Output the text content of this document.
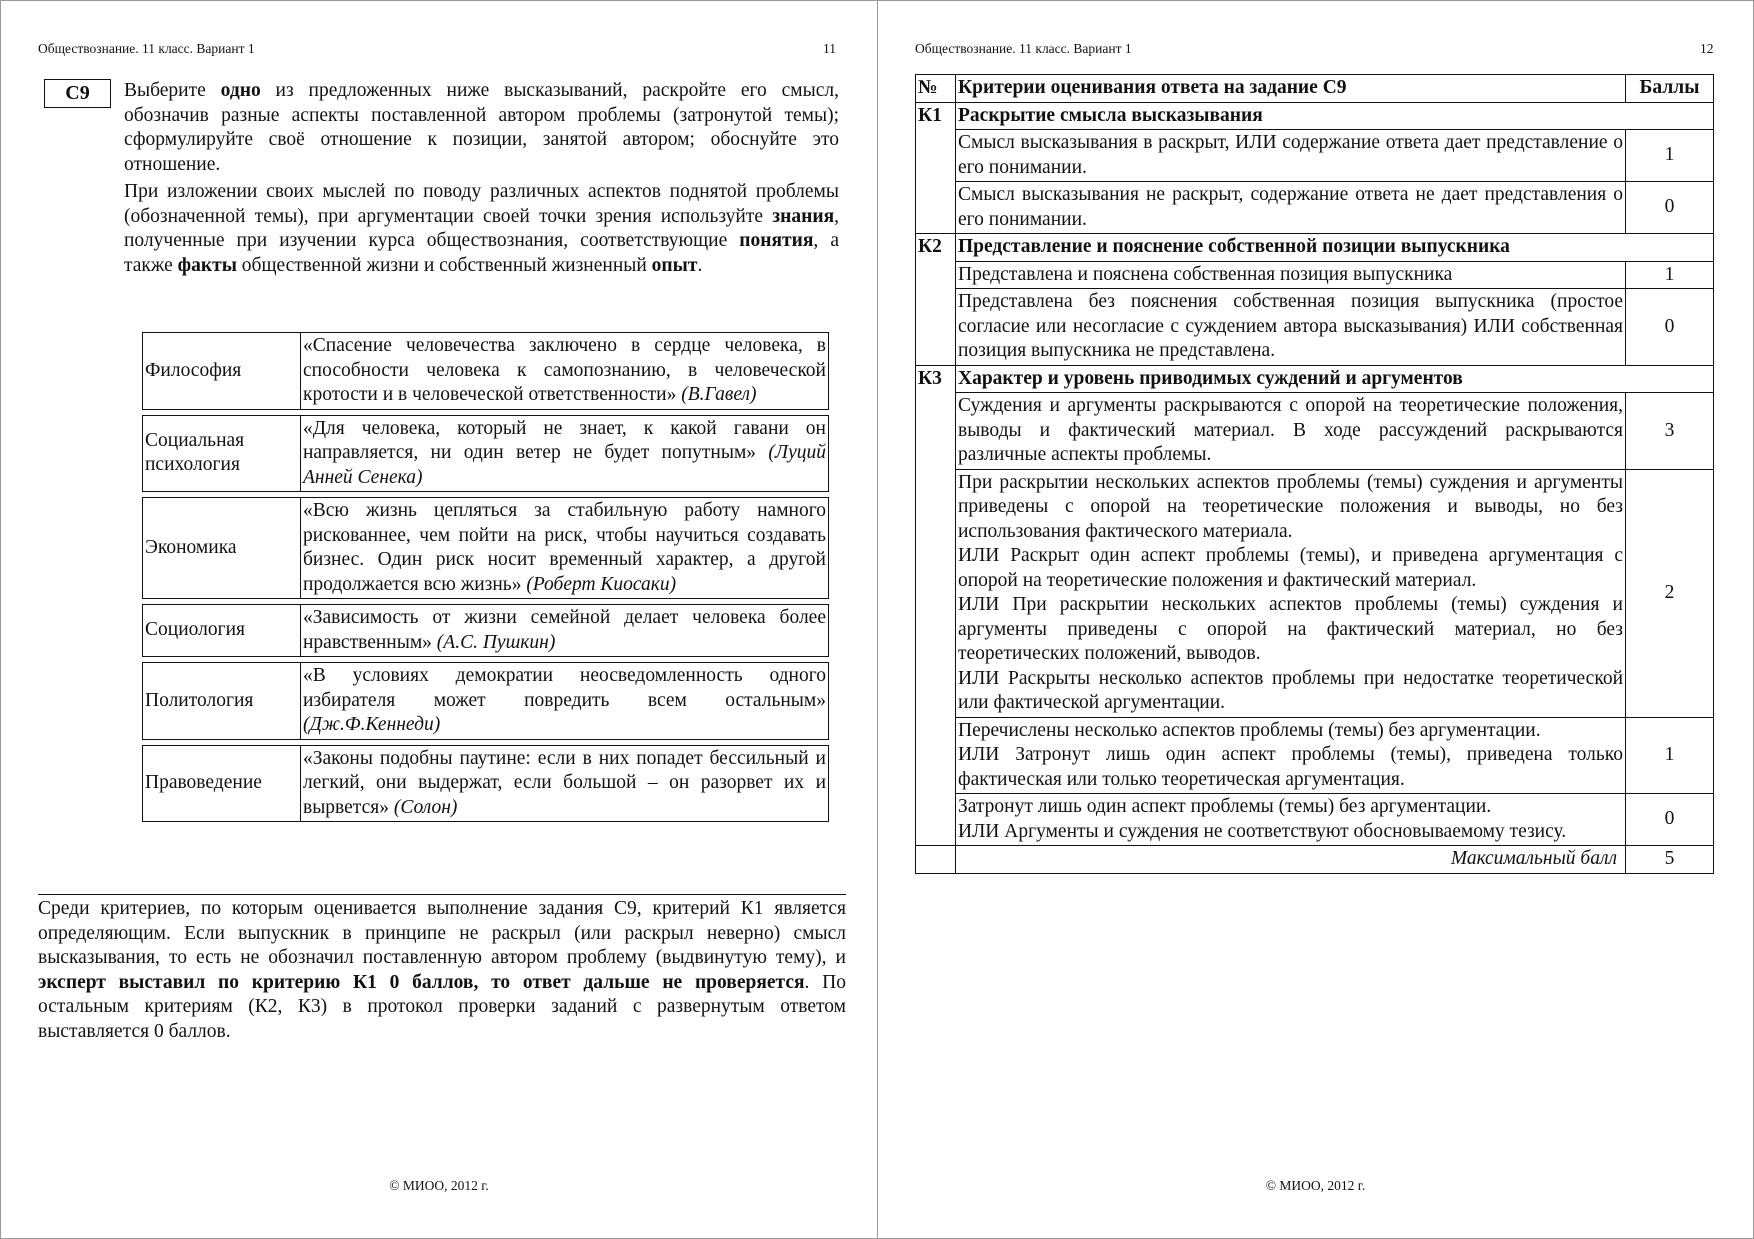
Обществознание. 11 класс. Вариант 1	11
С9	Выберите одно из предложенных ниже высказываний, раскройте его смысл, обозначив разные аспекты поставленной автором проблемы (затронутой темы); сформулируйте своё отношение к позиции, занятой автором; обоснуйте это отношение.

При изложении своих мыслей по поводу различных аспектов поднятой проблемы (обозначенной темы), при аргументации своей точки зрения используйте знания, полученные при изучении курса обществознания, соответствующие понятия, а также факты общественной жизни и собственный жизненный опыт.

Философия	«Спасение человечества заключено в сердце человека, в способности человека к самопознанию, в человеческой кротости и в человеческой ответственности» (В.Гавел)

Социальная психология	«Для человека, который не знает, к какой гавани он направляется, ни один ветер не будет попутным» (Луций Анней Сенека)

Экономика	«Всю жизнь цепляться за стабильную работу намного рискованнее, чем пойти на риск, чтобы научиться создавать бизнес. Один риск носит временный характер, а другой продолжается всю жизнь» (Роберт Киосаки)

Социология	«Зависимость от жизни семейной делает человека более нравственным» (А.С. Пушкин)

Политология	«В условиях демократии неосведомленность одного избирателя может повредить всем остальным» (Дж.Ф.Кеннеди)

Правоведение	«Законы подобны паутине: если в них попадет бессильный и легкий, они выдержат, если большой – он разорвет их и вырвется» (Солон)
Среди критериев, по которым оценивается выполнение задания С9, критерий К1 является определяющим. Если выпускник в принципе не раскрыл (или раскрыл неверно) смысл высказывания, то есть не обозначил поставленную автором проблему (выдвинутую тему), и эксперт выставил по критерию К1 0 баллов, то ответ дальше не проверяется. По остальным критериям (К2, К3) в протокол проверки заданий с развернутым ответом выставляется 0 баллов.
© МИОО, 2012 г.
Обществознание. 11 класс. Вариант 1	12
© МИОО, 2012 г.
№	Критерии оценивания ответа на задание С9	Баллы
К1	Раскрытие смысла высказывания	
	Смысл высказывания в раскрыт, ИЛИ содержание ответа дает представление о его понимании.	1
	Смысл высказывания не раскрыт, содержание ответа не дает представления о его понимании.	0
К2	Представление и пояснение собственной позиции выпускника	
	Представлена и пояснена собственная позиция выпускника	1
	Представлена без пояснения собственная позиция выпускника (простое согласие или несогласие с суждением автора высказывания) ИЛИ собственная позиция выпускника не представлена.	0
К3	Характер и уровень приводимых суждений и аргументов	
	Суждения и аргументы раскрываются с опорой на теоретические положения, выводы и фактический материал. В ходе рассуждений раскрываются различные аспекты проблемы.	3
	При раскрытии нескольких аспектов проблемы (темы) суждения и аргументы приведены с опорой на теоретические положения и выводы, но без использования фактического материала.
ИЛИ Раскрыт один аспект проблемы (темы), и приведена аргументация с опорой на теоретические положения и фактический материал.
ИЛИ При раскрытии нескольких аспектов проблемы (темы) суждения и аргументы приведены с опорой на фактический материал, но без теоретических положений, выводов.
ИЛИ Раскрыты несколько аспектов проблемы при недостатке теоретической или фактической аргументации.	2
	Перечислены несколько аспектов проблемы (темы) без аргументации.
ИЛИ Затронут лишь один аспект проблемы (темы), приведена только фактическая или только теоретическая аргументация.	1
	Затронут лишь один аспект проблемы (темы) без аргументации.
ИЛИ Аргументы и суждения не соответствуют обосновываемому тезису.	0
	Максимальный балл	5
